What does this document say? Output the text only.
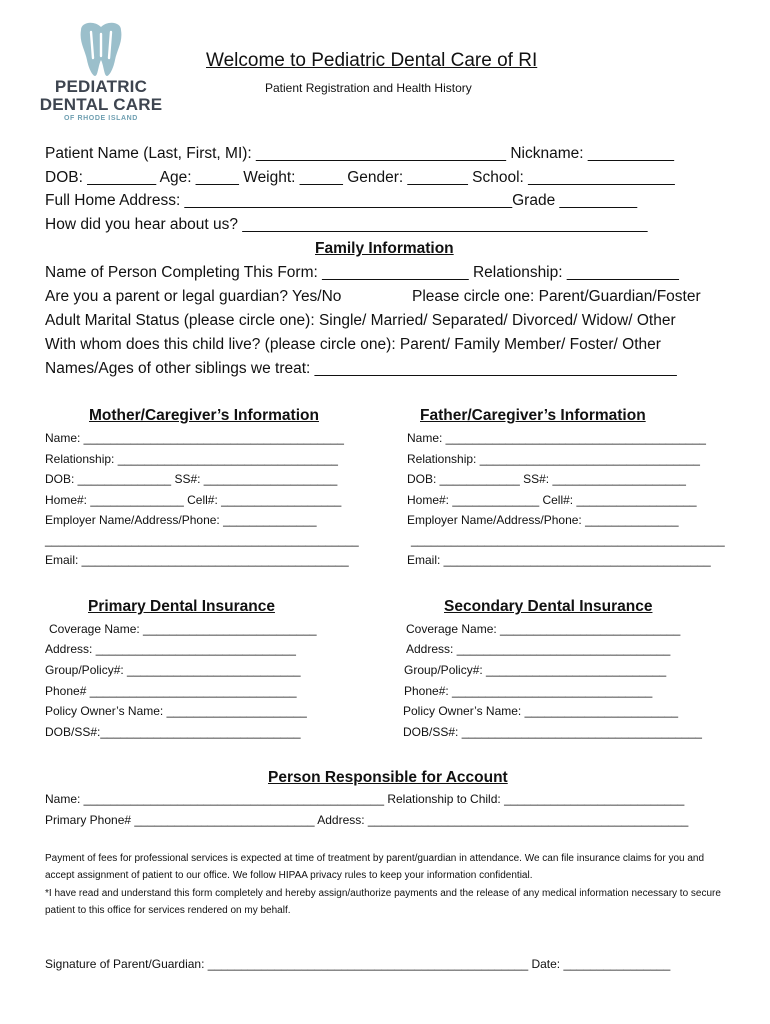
PEDIATRIC
DENTAL CARE
OF RHODE ISLAND
Welcome to Pediatric Dental Care of RI
Patient Registration and Health History
Patient Name (Last, First, MI): _____________________________ Nickname: __________
DOB: ________ Age: _____ Weight: _____ Gender: _______ School: _________________
Full Home Address: ______________________________________Grade _________
How did you hear about us? _______________________________________________
Family Information
Name of Person Completing This Form: _________________ Relationship: _____________
Are you a parent or legal guardian? Yes/No	Please circle one: Parent/Guardian/Foster
Adult Marital Status (please circle one): Single/ Married/ Separated/ Divorced/ Widow/ Other
With whom does this child live? (please circle one): Parent/ Family Member/ Foster/ Other
Names/Ages of other siblings we treat: __________________________________________
Mother/Caregiver’s Information
Name: _______________________________________
Relationship: _________________________________
DOB: ______________ SS#: ____________________
Home#: ______________ Cell#: __________________
Employer Name/Address/Phone: ______________
_______________________________________________
Email: ________________________________________
Father/Caregiver’s Information
Name: _______________________________________
Relationship: _________________________________
DOB: ____________ SS#: ____________________
Home#: _____________ Cell#: __________________
Employer Name/Address/Phone: ______________
_______________________________________________
Email: ________________________________________
Primary Dental Insurance
Coverage Name: __________________________
Address: ______________________________
Group/Policy#: __________________________
Phone# _______________________________
Policy Owner’s Name: _____________________
DOB/SS#:______________________________
Secondary Dental Insurance
Coverage Name: ___________________________
Address: ________________________________
Group/Policy#: ___________________________
Phone#: ______________________________
Policy Owner’s Name: _______________________
DOB/SS#: ____________________________________
Person Responsible for Account
Name: _____________________________________________ Relationship to Child: ___________________________
Primary Phone# ___________________________ Address: ________________________________________________
Payment of fees for professional services is expected at time of treatment by parent/guardian in attendance. We can file insurance claims for you and accept assignment of patient to our office. We follow HIPAA privacy rules to keep your information confidential.
*I have read and understand this form completely and hereby assign/authorize payments and the release of any medical information necessary to secure patient to this office for services rendered on my behalf.
Signature of Parent/Guardian: ________________________________________________ Date: ________________
